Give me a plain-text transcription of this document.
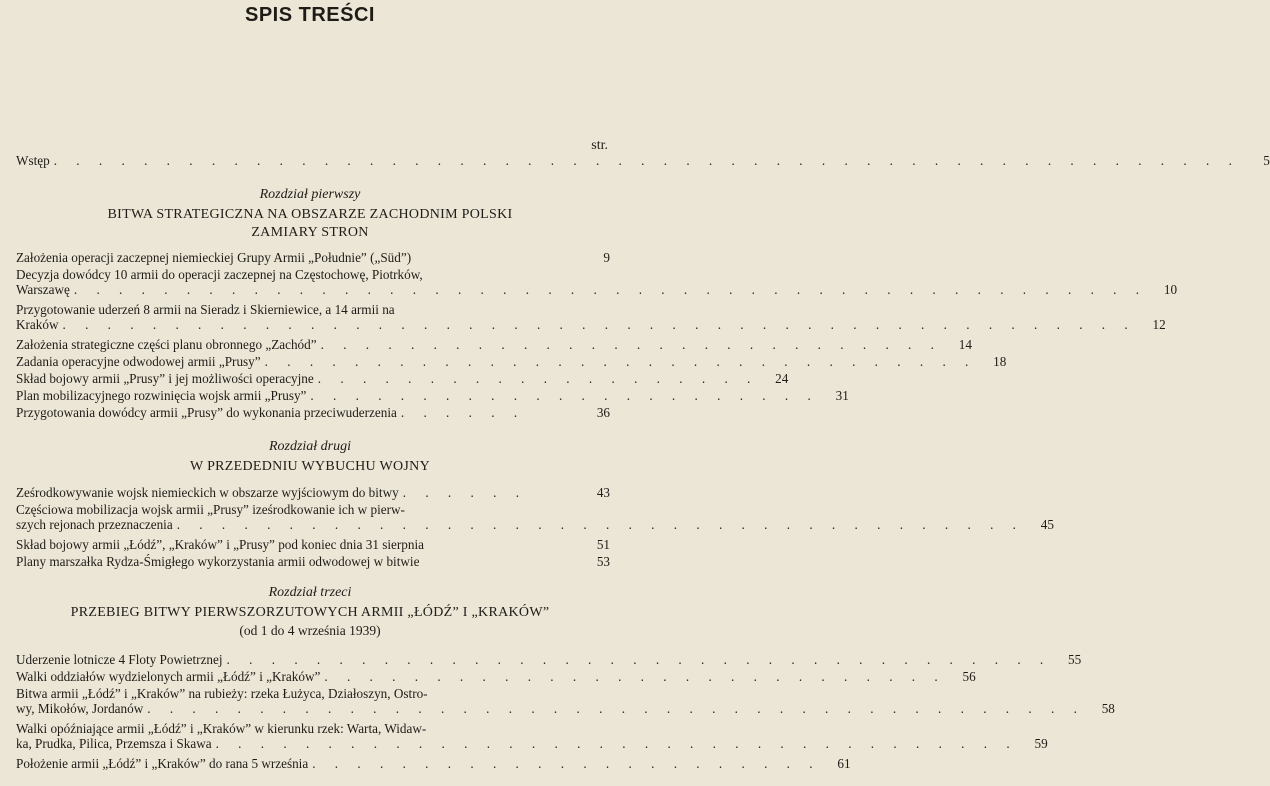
SPIS TREŚCI
str.
Wstęp . . . . . . . . . . . . . . . . . . . . . . . . . . . . . . . . . . . . . . . . . . . . . . . . . . . . .	5
Rozdział pierwszy
BITWA STRATEGICZNA NA OBSZARZE ZACHODNIM POLSKI
ZAMIARY STRON
Założenia operacji zaczepnej niemieckiej Grupy Armii „Południe” („Süd”)	9
Decyzja dowódcy 10 armii do operacji zaczepnej na Częstochowę, Piotrków,
Warszawę . . . . . . . . . . . . . . . . . . . . . . . . . . . . . . . . . . . . . . . . . . . . . . . .	10
Przygotowanie uderzeń 8 armii na Sieradz i Skierniewice, a 14 armii na
Kraków . . . . . . . . . . . . . . . . . . . . . . . . . . . . . . . . . . . . . . . . . . . . . . . .	12
Założenia strategiczne części planu obronnego „Zachód” . . . . . . . . . . . . . . . . . . . . . . . . . . . .	14
Zadania operacyjne odwodowej armii „Prusy” . . . . . . . . . . . . . . . . . . . . . . . . . . . . . . . .	18
Skład bojowy armii „Prusy” i jej możliwości operacyjne . . . . . . . . . . . . . . . . . . . .	24
Plan mobilizacyjnego rozwinięcia wojsk armii „Prusy” . . . . . . . . . . . . . . . . . . . . . . .	31
Przygotowania dowódcy armii „Prusy” do wykonania przeciwuderzenia . . . . . .	36
Rozdział drugi
W PRZEDEDNIU WYBUCHU WOJNY
Ześrodkowywanie wojsk niemieckich w obszarze wyjściowym do bitwy . . . . . .	43
Częściowa mobilizacja wojsk armii „Prusy” iześrodkowanie ich w pierw-
szych rejonach przeznaczenia . . . . . . . . . . . . . . . . . . . . . . . . . . . . . . . . . . . . . .	45
Skład bojowy armii „Łódź”, „Kraków” i „Prusy” pod koniec dnia 31 sierpnia	51
Plany marszałka Rydza-Śmigłego wykorzystania armii odwodowej w bitwie	53
Rozdział trzeci
PRZEBIEG BITWY PIERWSZORZUTOWYCH ARMII „ŁÓDŹ” I „KRAKÓW”
(od 1 do 4 września 1939)
Uderzenie lotnicze 4 Floty Powietrznej . . . . . . . . . . . . . . . . . . . . . . . . . . . . . . . . . . . . .	55
Walki oddziałów wydzielonych armii „Łódź” i „Kraków” . . . . . . . . . . . . . . . . . . . . . . . . . . . .	56
Bitwa armii „Łódź” i „Kraków” na rubieży: rzeka Łużyca, Działoszyn, Ostro-
wy, Mikołów, Jordanów . . . . . . . . . . . . . . . . . . . . . . . . . . . . . . . . . . . . . . . . . .	58
Walki opóźniające armii „Łódź” i „Kraków” w kierunku rzek: Warta, Widaw-
ka, Prudka, Pilica, Przemsza i Skawa . . . . . . . . . . . . . . . . . . . . . . . . . . . . . . . . . . . .	59
Położenie armii „Łódź” i „Kraków” do rana 5 września . . . . . . . . . . . . . . . . . . . . . . .	61
